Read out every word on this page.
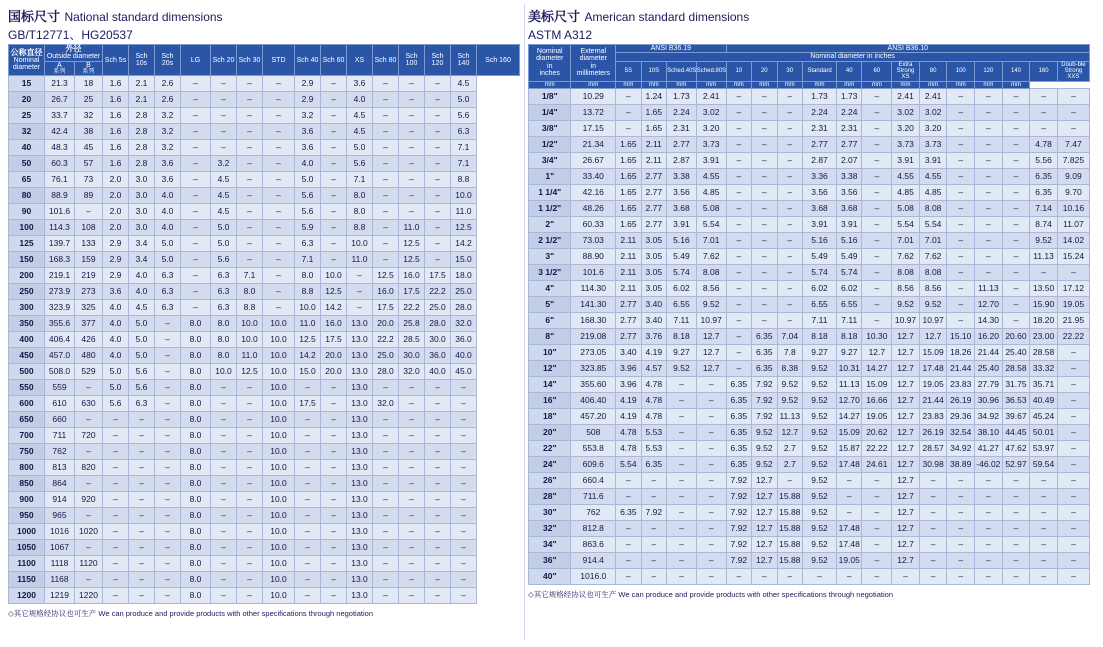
国标尺寸 National standard dimensions
GB/T12771、HG20537
公称直径
Nominal
diameter	外径
Outside diameter		Sch 5s	Sch 10s	Sch 20s	LG	Sch 20	Sch 30	STD	Sch 40	Sch 60	XS	Sch 80	Sch 100	Sch 120	Sch 140	Sch 160

	A
系列	B
系列															

15	21.3	18	1.6	2.1	2.6	–	–	–	–	2.9	–	3.6	–	–	–	4.5	
20	26.7	25	1.6	2.1	2.6	–	–	–	–	2.9	–	4.0	–	–	–	5.0	
25	33.7	32	1.6	2.8	3.2	–	–	–	–	3.2	–	4.5	–	–	–	5.6	
32	42.4	38	1.6	2.8	3.2	–	–	–	–	3.6	–	4.5	–	–	–	6.3	
40	48.3	45	1.6	2.8	3.2	–	–	–	–	3.6	–	5.0	–	–	–	7.1	
50	60.3	57	1.6	2.8	3.6	–	3.2	–	–	4.0	–	5.6	–	–	–	7.1	
65	76.1	73	2.0	3.0	3.6	–	4.5	–	–	5.0	–	7.1	–	–	–	8.8	
80	88.9	89	2.0	3.0	4.0	–	4.5	–	–	5.6	–	8.0	–	–	–	10.0	
90	101.6	–	2.0	3.0	4.0	–	4.5	–	–	5.6	–	8.0	–	–	–	11.0	
100	114.3	108	2.0	3.0	4.0	–	5.0	–	–	5.9	–	8.8	–	11.0	–	12.5	
125	139.7	133	2.9	3.4	5.0	–	5.0	–	–	6.3	–	10.0	–	12.5	–	14.2	
150	168.3	159	2.9	3.4	5.0	–	5.6	–	–	7.1	–	11.0	–	12.5	–	15.0	
200	219.1	219	2.9	4.0	6.3	–	6.3	7.1	–	8.0	10.0	–	12.5	16.0	17.5	18.0	
250	273.9	273	3.6	4.0	6.3	–	6.3	8.0	–	8.8	12.5	–	16.0	17.5	22.2	25.0	
300	323.9	325	4.0	4.5	6.3	–	6.3	8.8	–	10.0	14.2	–	17.5	22.2	25.0	28.0	
350	355.6	377	4.0	5.0	–	8.0	8.0	10.0	10.0	11.0	16.0	13.0	20.0	25.8	28.0	32.0	
400	406.4	426	4.0	5.0	–	8.0	8.0	10.0	10.0	12.5	17.5	13.0	22.2	28.5	30.0	36.0	
450	457.0	480	4.0	5.0	–	8.0	8.0	11.0	10.0	14.2	20.0	13.0	25.0	30.0	36.0	40.0	
500	508.0	529	5.0	5.6	–	8.0	10.0	12.5	10.0	15.0	20.0	13.0	28.0	32.0	40.0	45.0	
550	559	–	5.0	5.6	–	8.0	–	–	10.0	–	–	13.0	–	–	–	–	
600	610	630	5.6	6.3	–	8.0	–	–	10.0	17.5	–	13.0	32.0	–	–	–	
650	660	–	–	–	–	8.0	–	–	10.0	–	–	13.0	–	–	–	–	
700	711	720	–	–	–	8.0	–	–	10.0	–	–	13.0	–	–	–	–	
750	762	–	–	–	–	8.0	–	–	10.0	–	–	13.0	–	–	–	–	
800	813	820	–	–	–	8.0	–	–	10.0	–	–	13.0	–	–	–	–	
850	864	–	–	–	–	8.0	–	–	10.0	–	–	13.0	–	–	–	–	
900	914	920	–	–	–	8.0	–	–	10.0	–	–	13.0	–	–	–	–	
950	965	–	–	–	–	8.0	–	–	10.0	–	–	13.0	–	–	–	–	
1000	1016	1020	–	–	–	8.0	–	–	10.0	–	–	13.0	–	–	–	–	
1050	1067	–	–	–	–	8.0	–	–	10.0	–	–	13.0	–	–	–	–	
1100	1118	1120	–	–	–	8.0	–	–	10.0	–	–	13.0	–	–	–	–	
1150	1168	–	–	–	–	8.0	–	–	10.0	–	–	13.0	–	–	–	–	
1200	1219	1220	–	–	–	8.0	–	–	10.0	–	–	13.0	–	–	–	–	
◇其它规格经协议也可生产 We can produce and provide products with other specifications through negotiation
美标尺寸 American standard dimensions
ASTM A312
Nominal
diameter
in
inches	External
diameter
in
millimeters	ANSI B36.19				ANSI B36.10												

		Nominal diameter in inches																

		5S	10S	Sched.40S	Sched.80S	10	20	30	Standard	40	60	Extra Strong XS	80	100	120	140	160	Doub-ble Strong XXS

mm	mm	mm	mm	mm	mm	mm	mm	mm	mm	mm	mm	mm	mm	mm	mm	mm		

1/8"	10.29	–	1.24	1.73	2.41	–	–	–	1.73	1.73	–	2.41	2.41	–	–	–	–	–
1/4"	13.72	–	1.65	2.24	3.02	–	–	–	2.24	2.24	–	3.02	3.02	–	–	–	–	–
3/8"	17.15	–	1.65	2.31	3.20	–	–	–	2.31	2.31	–	3.20	3.20	–	–	–	–	–
1/2"	21.34	1.65	2.11	2.77	3.73	–	–	–	2.77	2.77	–	3.73	3.73	–	–	–	4.78	7.47
3/4"	26.67	1.65	2.11	2.87	3.91	–	–	–	2.87	2.07	–	3.91	3.91	–	–	–	5.56	7.825
1"	33.40	1.65	2.77	3.38	4.55	–	–	–	3.36	3.38	–	4.55	4.55	–	–	–	6.35	9.09
1 1/4"	42.16	1.65	2.77	3.56	4.85	–	–	–	3.56	3.56	–	4.85	4.85	–	–	–	6.35	9.70
1 1/2"	48.26	1.65	2.77	3.68	5.08	–	–	–	3.68	3.68	–	5.08	8.08	–	–	–	7.14	10.16
2"	60.33	1.65	2.77	3.91	5.54	–	–	–	3.91	3.91	–	5.54	5.54	–	–	–	8.74	11.07
2 1/2"	73.03	2.11	3.05	5.16	7.01	–	–	–	5.16	5.16	–	7.01	7.01	–	–	–	9.52	14.02
3"	88.90	2.11	3.05	5.49	7.62	–	–	–	5.49	5.49	–	7.62	7.62	–	–	–	11.13	15.24
3 1/2"	101.6	2.11	3.05	5.74	8.08	–	–	–	5.74	5.74	–	8.08	8.08	–	–	–	–	–
4"	114.30	2.11	3.05	6.02	8.56	–	–	–	6.02	6.02	–	8.56	8.56	–	11.13	–	13.50	17.12
5"	141.30	2.77	3.40	6.55	9.52	–	–	–	6.55	6.55	–	9.52	9.52	–	12.70	–	15.90	19.05
6"	168.30	2.77	3.40	7.11	10.97	–	–	–	7.11	7.11	–	10.97	10.97	–	14.30	–	18.20	21.95
8"	219.08	2.77	3.76	8.18	12.7	–	6.35	7.04	8.18	8.18	10.30	12.7	12.7	15.10	16.20	20.60	23.00	22.22
10"	273.05	3.40	4.19	9.27	12.7	–	6.35	7.8	9.27	9.27	12.7	12.7	15.09	18.26	21.44	25.40	28.58	–
12"	323.85	3.96	4.57	9.52	12.7	–	6.35	8.38	9.52	10.31	14.27	12.7	17.48	21.44	25.40	28.58	33.32	–
14"	355.60	3.96	4.78	–	–	6.35	7.92	9.52	9.52	11.13	15.09	12.7	19.05	23.83	27.79	31.75	35.71	–
16"	406.40	4.19	4.78	–	–	6.35	7.92	9.52	9.52	12.70	16.66	12.7	21.44	26.19	30.96	36.53	40.49	–
18"	457.20	4.19	4.78	–	–	6.35	7.92	11.13	9.52	14.27	19.05	12.7	23.83	29.36	34.92	39.67	45.24	–
20"	508	4.78	5.53	–	–	6.35	9.52	12.7	9.52	15.09	20.62	12.7	26.19	32.54	38.10	44.45	50.01	–
22"	553.8	4.78	5.53	–	–	6.35	9.52	2.7	9.52	15.87	22.22	12.7	28.57	34.92	41.27	47.62	53.97	–
24"	609.6	5.54	6.35	–	–	6.35	9.52	2.7	9.52	17.48	24.61	12.7	30.98	38.89	-46.02	52.97	59.54	–
26"	660.4	–	–	–	–	7.92	12.7	–	9.52	–	–	12.7	–	–	–	–	–	–
28"	711.6	–	–	–	–	7.92	12.7	15.88	9.52	–	–	12.7	–	–	–	–	–	–
30"	762	6.35	7.92	–	–	7.92	12.7	15.88	9.52	–	–	12.7	–	–	–	–	–	–
32"	812.8	–	–	–	–	7.92	12.7	15.88	9.52	17.48	–	12.7	–	–	–	–	–	–
34"	863.6	–	–	–	–	7.92	12.7	15.88	9.52	17.48	–	12.7	–	–	–	–	–	–
36"	914.4	–	–	–	–	7.92	12.7	15.88	9.52	19.05	–	12.7	–	–	–	–	–	–
40"	1016.0	–	–	–	–	–	–	–	–	–	–	–	–	–	–	–	–	–
◇其它规格经协议也可生产 We can produce and provide products with other specifications through negotiation
